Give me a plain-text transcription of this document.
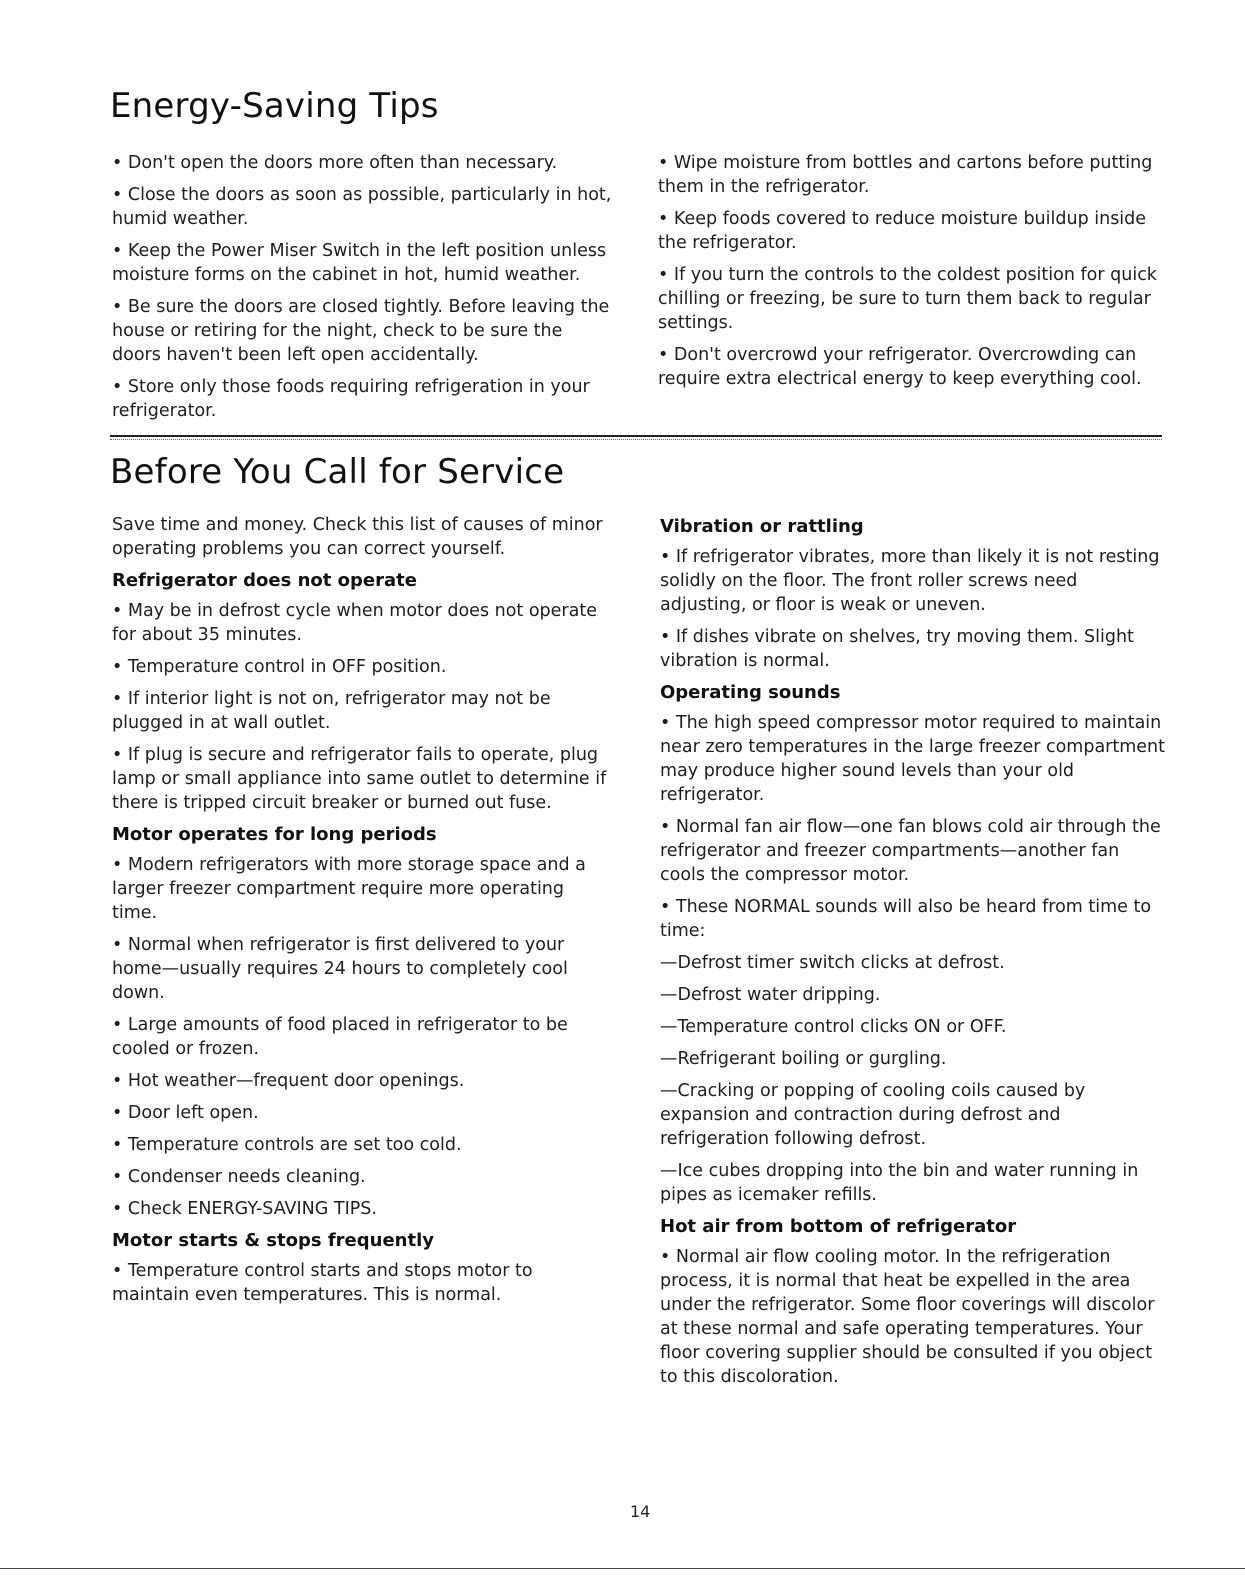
Energy-Saving Tips

• Don't open the doors more often than necessary.

• Close the doors as soon as possible, particularly in hot, humid weather.

• Keep the Power Miser Switch in the left position unless moisture forms on the cabinet in hot, humid weather.

• Be sure the doors are closed tightly. Before leaving the house or retiring for the night, check to be sure the doors haven't been left open accidentally.

• Store only those foods requiring refrigeration in your refrigerator.

• Wipe moisture from bottles and cartons before putting them in the refrigerator.

• Keep foods covered to reduce moisture buildup inside the refrigerator.

• If you turn the controls to the coldest position for quick chilling or freezing, be sure to turn them back to regular settings.

• Don't overcrowd your refrigerator. Overcrowding can require extra electrical energy to keep everything cool.

Before You Call for Service

Save time and money. Check this list of causes of minor operating problems you can correct yourself.

Refrigerator does not operate

• May be in defrost cycle when motor does not operate for about 35 minutes.

• Temperature control in OFF position.

• If interior light is not on, refrigerator may not be plugged in at wall outlet.

• If plug is secure and refrigerator fails to operate, plug lamp or small appliance into same outlet to determine if there is tripped circuit breaker or burned out fuse.

Motor operates for long periods

• Modern refrigerators with more storage space and a larger freezer compartment require more operating time.

• Normal when refrigerator is first delivered to your home—usually requires 24 hours to completely cool down.

• Large amounts of food placed in refrigerator to be cooled or frozen.

• Hot weather—frequent door openings.

• Door left open.

• Temperature controls are set too cold.

• Condenser needs cleaning.

• Check ENERGY-SAVING TIPS.

Motor starts & stops frequently

• Temperature control starts and stops motor to maintain even temperatures. This is normal.

Vibration or rattling

• If refrigerator vibrates, more than likely it is not resting solidly on the floor. The front roller screws need adjusting, or floor is weak or uneven.

• If dishes vibrate on shelves, try moving them. Slight vibration is normal.

Operating sounds

• The high speed compressor motor required to maintain near zero temperatures in the large freezer compartment may produce higher sound levels than your old refrigerator.

• Normal fan air flow—one fan blows cold air through the refrigerator and freezer compartments—another fan cools the compressor motor.

• These NORMAL sounds will also be heard from time to time:

—Defrost timer switch clicks at defrost.

—Defrost water dripping.

—Temperature control clicks ON or OFF.

—Refrigerant boiling or gurgling.

—Cracking or popping of cooling coils caused by expansion and contraction during defrost and refrigeration following defrost.

—Ice cubes dropping into the bin and water running in pipes as icemaker refills.

Hot air from bottom of refrigerator

• Normal air flow cooling motor. In the refrigeration process, it is normal that heat be expelled in the area under the refrigerator. Some floor coverings will discolor at these normal and safe operating temperatures. Your floor covering supplier should be consulted if you object to this discoloration.

14
